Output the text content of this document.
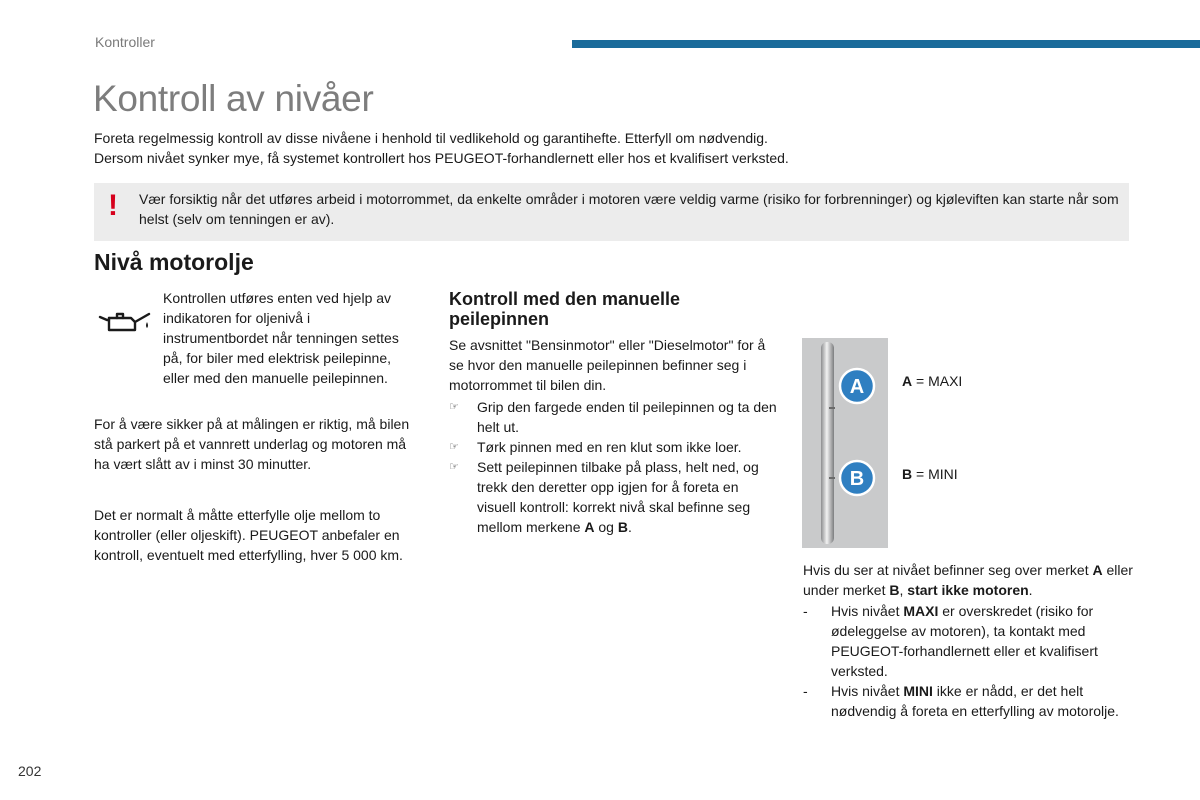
Kontroller
Kontroll av nivåer

Foreta regelmessig kontroll av disse nivåene i henhold til vedlikehold og garantihefte. Etterfyll om nødvendig.

Dersom nivået synker mye, få systemet kontrollert hos PEUGEOT-forhandlernett eller hos et kvalifisert verksted.

! Vær forsiktig når det utføres arbeid i motorrommet, da enkelte områder i motoren være veldig varme (risiko for forbrenninger) og kjøleviften kan starte når som helst (selv om tenningen er av).
Nivå motorolje

Kontrollen utføres enten ved hjelp av indikatoren for oljenivå i instrumentbordet når tenningen settes på, for biler med elektrisk peilepinne, eller med den manuelle peilepinnen.

For å være sikker på at målingen er riktig, må bilen stå parkert på et vannrett underlag og motoren må ha vært slått av i minst 30 minutter.

Det er normalt å måtte etterfylle olje mellom to kontroller (eller oljeskift). PEUGEOT anbefaler en kontroll, eventuelt med etterfylling, hver 5 000 km.

Kontroll med den manuelle peilepinnen

Se avsnittet "Bensinmotor" eller "Dieselmotor" for å se hvor den manuelle peilepinnen befinner seg i motorrommet til bilen din.

☞ Grip den fargede enden til peilepinnen og ta den helt ut.
☞ Tørk pinnen med en ren klut som ikke loer.
☞ Sett peilepinnen tilbake på plass, helt ned, og trekk den deretter opp igjen for å foreta en visuell kontroll: korrekt nivå skal befinne seg mellom merkene A og B.
A
B
A = MAXI
B = MINI

Hvis du ser at nivået befinner seg over merket A eller under merket B, start ikke motoren.

- Hvis nivået MAXI er overskredet (risiko for ødeleggelse av motoren), ta kontakt med PEUGEOT-forhandlernett eller et kvalifisert verksted.
- Hvis nivået MINI ikke er nådd, er det helt nødvendig å foreta en etterfylling av motorolje.
202
